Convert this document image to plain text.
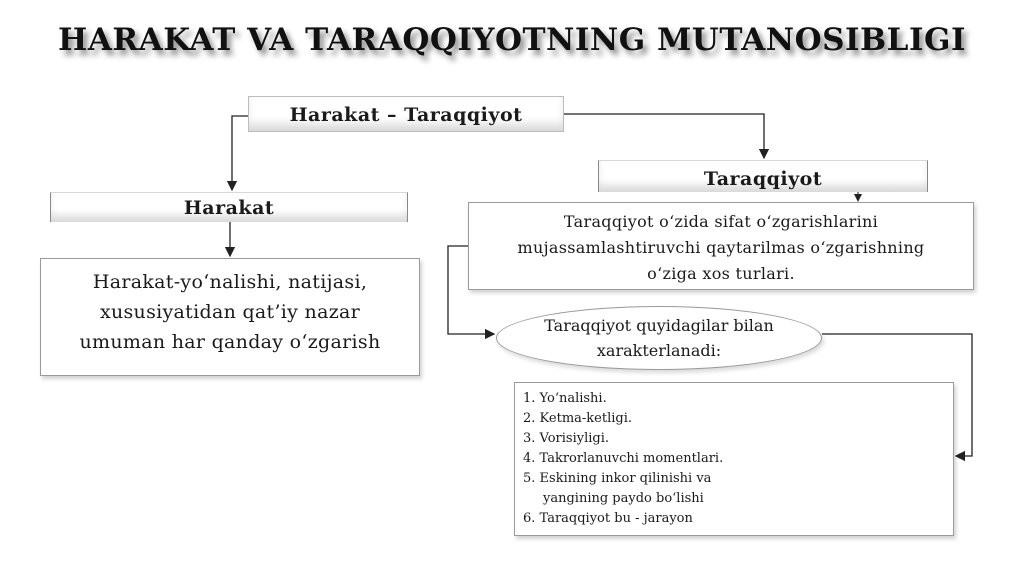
HARAKAT VA TARAQQIYOTNING MUTANOSIBLIGI
Harakat – Taraqqiyot
Harakat
Taraqqiyot
Harakat-yo‘nalishi, natijasi,
xususiyatidan qat’iy nazar
umuman har qanday o‘zgarish
Taraqqiyot o‘zida sifat o‘zgarishlarini
mujassamlashtiruvchi qaytarilmas o‘zgarishning
o‘ziga xos turlari.
Taraqqiyot quyidagilar bilan
xarakterlanadi:
1. Yo‘nalishi.
2. Ketma-ketligi.
3. Vorisiyligi.
4. Takrorlanuvchi momentlari.
5. Eskining inkor qilinishi va
yangining paydo bo‘lishi
6. Taraqqiyot bu - jarayon
